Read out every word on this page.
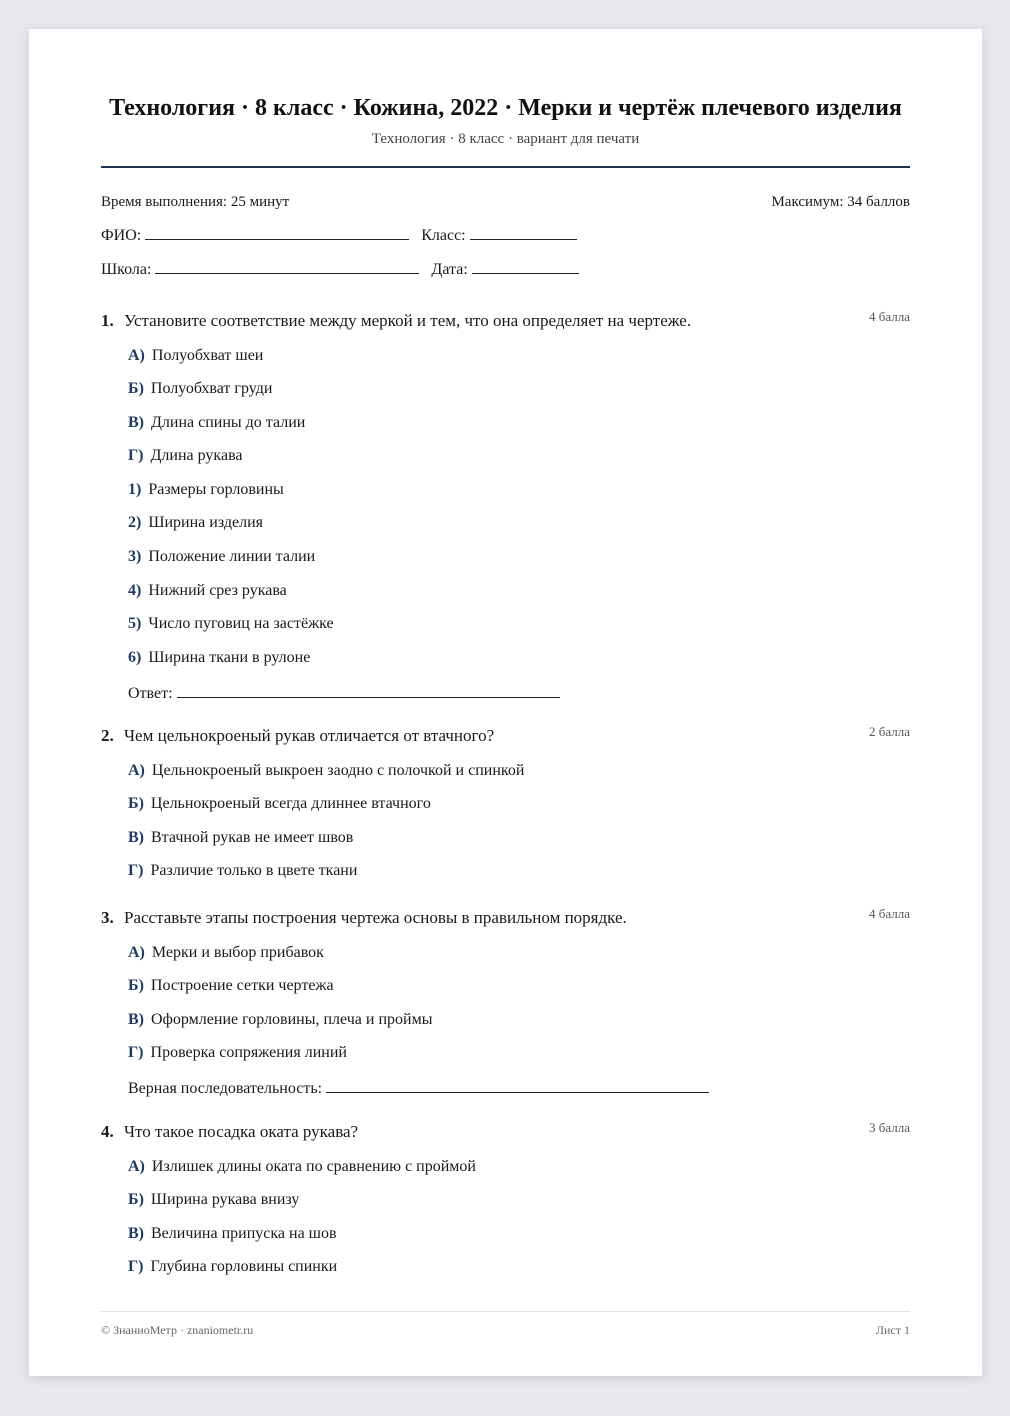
Технология · 8 класс · Кожина, 2022 · Мерки и чертёж плечевого изделия
Технология · 8 класс · вариант для печати
Время выполнения: 25 минут	Максимум: 34 баллов
ФИО:	Класс:
Школа:	Дата:
1. Установите соответствие между меркой и тем, что она определяет на чертеже.	4 балла
А) Полуобхват шеи
Б) Полуобхват груди
В) Длина спины до талии
Г) Длина рукава
1) Размеры горловины
2) Ширина изделия
3) Положение линии талии
4) Нижний срез рукава
5) Число пуговиц на застёжке
6) Ширина ткани в рулоне
Ответ:
2. Чем цельнокроеный рукав отличается от втачного?	2 балла
А) Цельнокроеный выкроен заодно с полочкой и спинкой
Б) Цельнокроеный всегда длиннее втачного
В) Втачной рукав не имеет швов
Г) Различие только в цвете ткани
3. Расставьте этапы построения чертежа основы в правильном порядке.	4 балла
А) Мерки и выбор прибавок
Б) Построение сетки чертежа
В) Оформление горловины, плеча и проймы
Г) Проверка сопряжения линий
Верная последовательность:
4. Что такое посадка оката рукава?	3 балла
А) Излишек длины оката по сравнению с проймой
Б) Ширина рукава внизу
В) Величина припуска на шов
Г) Глубина горловины спинки
© ЗнаниоМетр · znaniometr.ru	Лист 1
